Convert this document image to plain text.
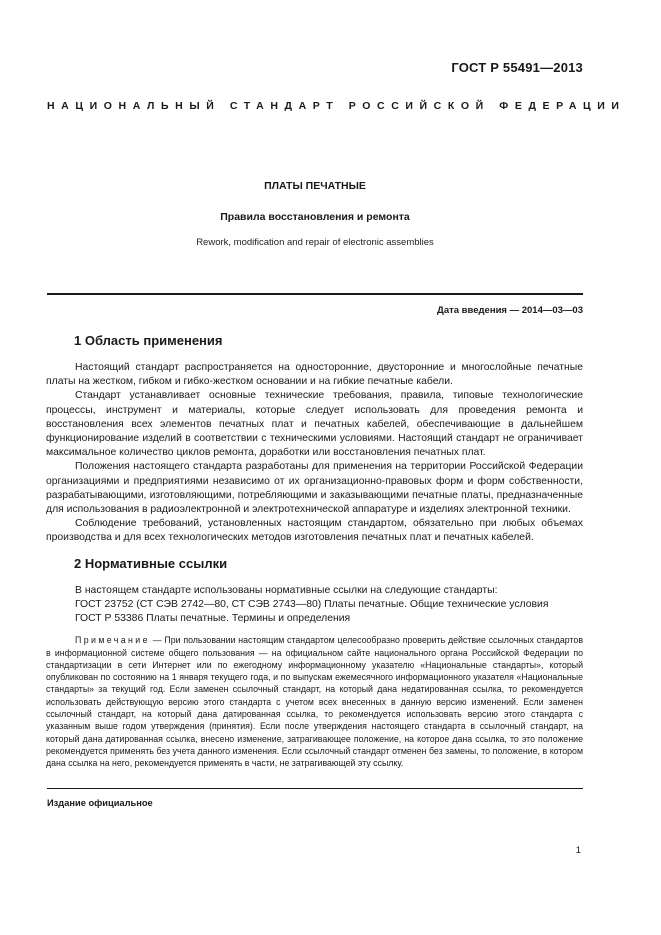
ГОСТ Р 55491—2013
НАЦИОНАЛЬНЫЙ СТАНДАРТ РОССИЙСКОЙ ФЕДЕРАЦИИ
ПЛАТЫ ПЕЧАТНЫЕ
Правила восстановления и ремонта
Rework, modification and repair of electronic assemblies
Дата введения — 2014—03—03
1 Область применения

Настоящий стандарт распространяется на односторонние, двусторонние и многослойные печатные платы на жестком, гибком и гибко-жестком основании и на гибкие печатные кабели.

Стандарт устанавливает основные технические требования, правила, типовые технологические процессы, инструмент и материалы, которые следует использовать для проведения ремонта и восстановления всех элементов печатных плат и печатных кабелей, обеспечивающие в дальнейшем функционирование изделий в соответствии с техническими условиями. Настоящий стандарт не ограничивает максимальное количество циклов ремонта, доработки или восстановления печатных плат.

Положения настоящего стандарта разработаны для применения на территории Российской Федерации организациями и предприятиями независимо от их организационно-правовых форм и форм собственности, разрабатывающими, изготовляющими, потребляющими и заказывающими печатные платы, предназначенные для использования в радиоэлектронной и электротехнической аппаратуре и изделиях электронной техники.

Соблюдение требований, установленных настоящим стандартом, обязательно при любых объемах производства и для всех технологических методов изготовления печатных плат и печатных кабелей.

2 Нормативные ссылки

В настоящем стандарте использованы нормативные ссылки на следующие стандарты:

ГОСТ 23752 (СТ СЭВ 2742—80, СТ СЭВ 2743—80) Платы печатные. Общие технические условия

ГОСТ Р 53386 Платы печатные. Термины и определения

Примечание — При пользовании настоящим стандартом целесообразно проверить действие ссылочных стандартов в информационной системе общего пользования — на официальном сайте национального органа Российской Федерации по стандартизации в сети Интернет или по ежегодному информационному указателю «Национальные стандарты», который опубликован по состоянию на 1 января текущего года, и по выпускам ежемесячного информационного указателя «Национальные стандарты» за текущий год. Если заменен ссылочный стандарт, на который дана недатированная ссылка, то рекомендуется использовать действующую версию этого стандарта с учетом всех внесенных в данную версию изменений. Если заменен ссылочный стандарт, на который дана датированная ссылка, то рекомендуется использовать версию этого стандарта с указанным выше годом утверждения (принятия). Если после утверждения настоящего стандарта в ссылочный стандарт, на который дана датированная ссылка, внесено изменение, затрагивающее положение, на которое дана ссылка, то это положение рекомендуется применять без учета данного изменения. Если ссылочный стандарт отменен без замены, то положение, в котором дана ссылка на него, рекомендуется применять в части, не затрагивающей эту ссылку.
Издание официальное
1
